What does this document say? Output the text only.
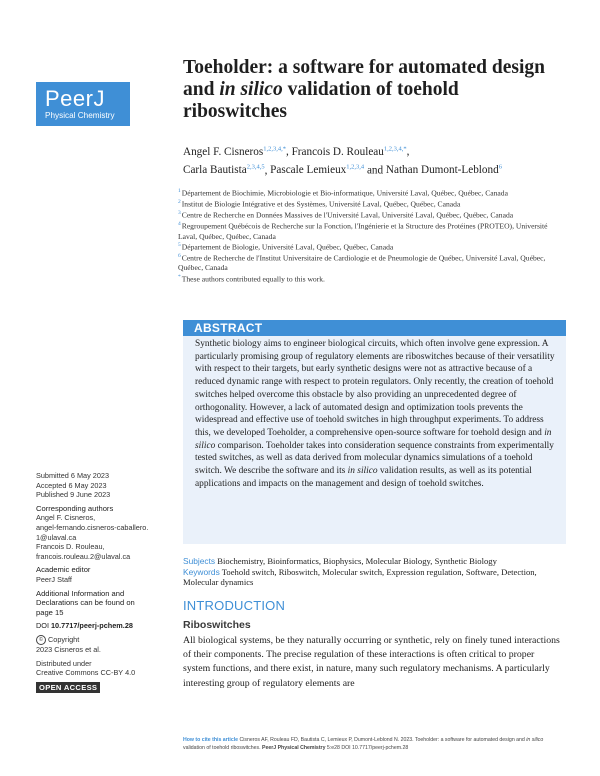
PeerJ
Physical Chemistry
Toeholder: a software for automated design and in silico validation of toehold riboswitches
Angel F. Cisneros$^{1,2,3,4,*}$, Francois D. Rouleau$^{1,2,3,4,*}$,
Carla Bautista$^{2,3,4,5}$, Pascale Lemieux$^{1,2,3,4}$ and Nathan Dumont-Leblond$^6$
$^1$Département de Biochimie, Microbiologie et Bio-informatique, Université Laval, Québec, Québec, Canada
$^2$Institut de Biologie Intégrative et des Systèmes, Université Laval, Québec, Québec, Canada
$^3$Centre de Recherche en Données Massives de l'Université Laval, Université Laval, Québec, Québec, Canada
$^4$Regroupement Québécois de Recherche sur la Fonction, l'Ingénierie et la Structure des Protéines (PROTEO), Université Laval, Québec, Québec, Canada
$^5$Département de Biologie, Université Laval, Québec, Québec, Canada
$^6$Centre de Recherche de l'Institut Universitaire de Cardiologie et de Pneumologie de Québec, Université Laval, Québec, Québec, Canada
*These authors contributed equally to this work.
ABSTRACT

Synthetic biology aims to engineer biological circuits, which often involve gene expression. A particularly promising group of regulatory elements are riboswitches because of their versatility with respect to their targets, but early synthetic designs were not as attractive because of a reduced dynamic range with respect to protein regulators. Only recently, the creation of toehold switches helped overcome this obstacle by also providing an unprecedented degree of orthogonality. However, a lack of automated design and optimization tools prevents the widespread and effective use of toehold switches in high throughput experiments. To address this, we developed Toeholder, a comprehensive open-source software for toehold design and in silico comparison. Toeholder takes into consideration sequence constraints from experimentally tested switches, as well as data derived from molecular dynamics simulations of a toehold switch. We describe the software and its in silico validation results, as well as its potential applications and impacts on the management and design of toehold switches.

Submitted 6 May 2023
Accepted 6 May 2023
Published 9 June 2023
Corresponding authors
Angel F. Cisneros,
angel-fernando.cisneros-caballero.
1@ulaval.ca
Francois D. Rouleau,
francois.rouleau.2@ulaval.ca
Academic editor
PeerJ Staff
Additional Information and
Declarations can be found on
page 15
DOI 10.7717/peerj-pchem.28
© Copyright
2023 Cisneros et al.
Distributed under
Creative Commons CC-BY 4.0
OPEN ACCESS
Subjects Biochemistry, Bioinformatics, Biophysics, Molecular Biology, Synthetic Biology
Keywords Toehold switch, Riboswitch, Molecular switch, Expression regulation, Software, Detection, Molecular dynamics
INTRODUCTION
Riboswitches

All biological systems, be they naturally occurring or synthetic, rely on finely tuned interactions of their components. The precise regulation of these interactions is often critical to proper system functions, and there exist, in nature, many such regulatory mechanisms. A particularly interesting group of regulatory elements are

How to cite this article Cisneros AF, Rouleau FD, Bautista C, Lemieux P, Dumont-Leblond N. 2023. Toeholder: a software for automated design and in silico validation of toehold riboswitches. PeerJ Physical Chemistry 5:e28 DOI 10.7717/peerj-pchem.28
